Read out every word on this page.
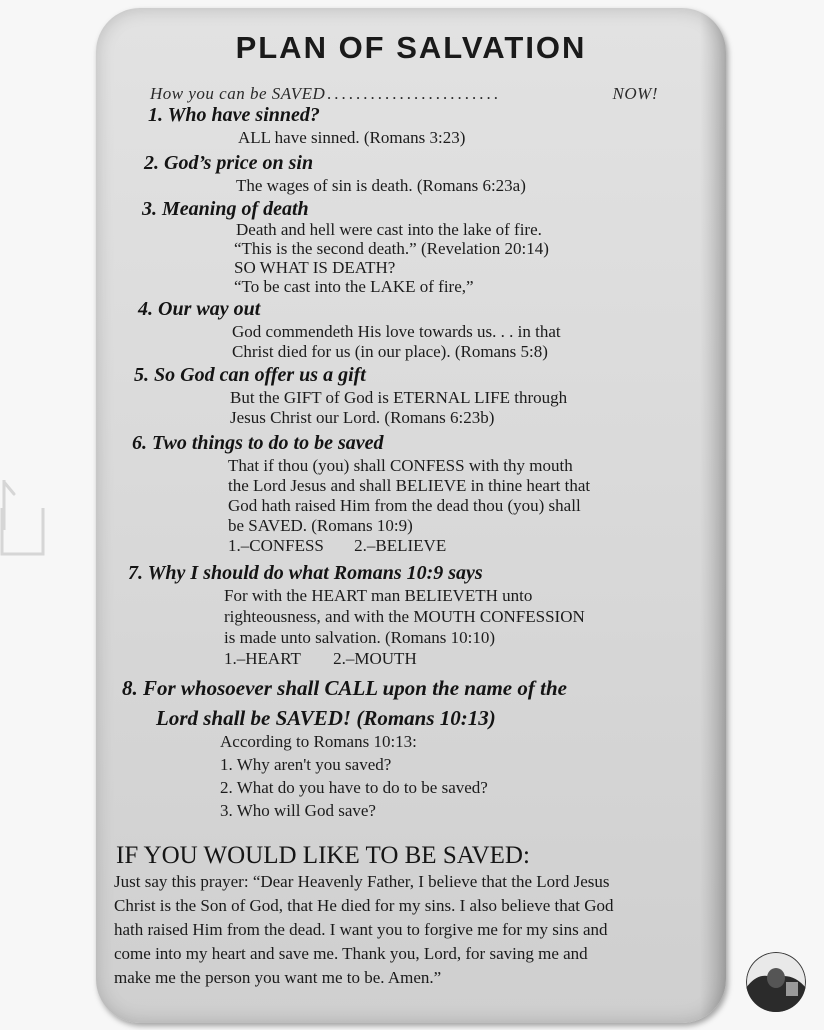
PLAN OF SALVATION
How you can be SAVED ........................	NOW!
1. Who have sinned?
ALL have sinned. (Romans 3:23)
2. God’s price on sin
The wages of sin is death. (Romans 6:23a)
3. Meaning of death
Death and hell were cast into the lake of fire.
“This is the second death.” (Revelation 20:14)
SO WHAT IS DEATH?
“To be cast into the LAKE of fire,”
4. Our way out
God commendeth His love towards us. . . in that
Christ died for us (in our place). (Romans 5:8)
5. So God can offer us a gift
But the GIFT of God is ETERNAL LIFE through
Jesus Christ our Lord. (Romans 6:23b)
6. Two things to do to be saved
That if thou (you) shall CONFESS with thy mouth
the Lord Jesus and shall BELIEVE in thine heart that
God hath raised Him from the dead thou (you) shall
be SAVED. (Romans 10:9)
1.–CONFESS 2.–BELIEVE
7. Why I should do what Romans 10:9 says
For with the HEART man BELIEVETH unto
righteousness, and with the MOUTH CONFESSION
is made unto salvation. (Romans 10:10)
1.–HEART 2.–MOUTH
8. For whosoever shall CALL upon the name of the
Lord shall be SAVED! (Romans 10:13)
According to Romans 10:13:
1. Why aren't you saved?
2. What do you have to do to be saved?
3. Who will God save?
IF YOU WOULD LIKE TO BE SAVED:
Just say this prayer: “Dear Heavenly Father, I believe that the Lord Jesus
Christ is the Son of God, that He died for my sins. I also believe that God
hath raised Him from the dead. I want you to forgive me for my sins and
come into my heart and save me. Thank you, Lord, for saving me and
make me the person you want me to be. Amen.”
